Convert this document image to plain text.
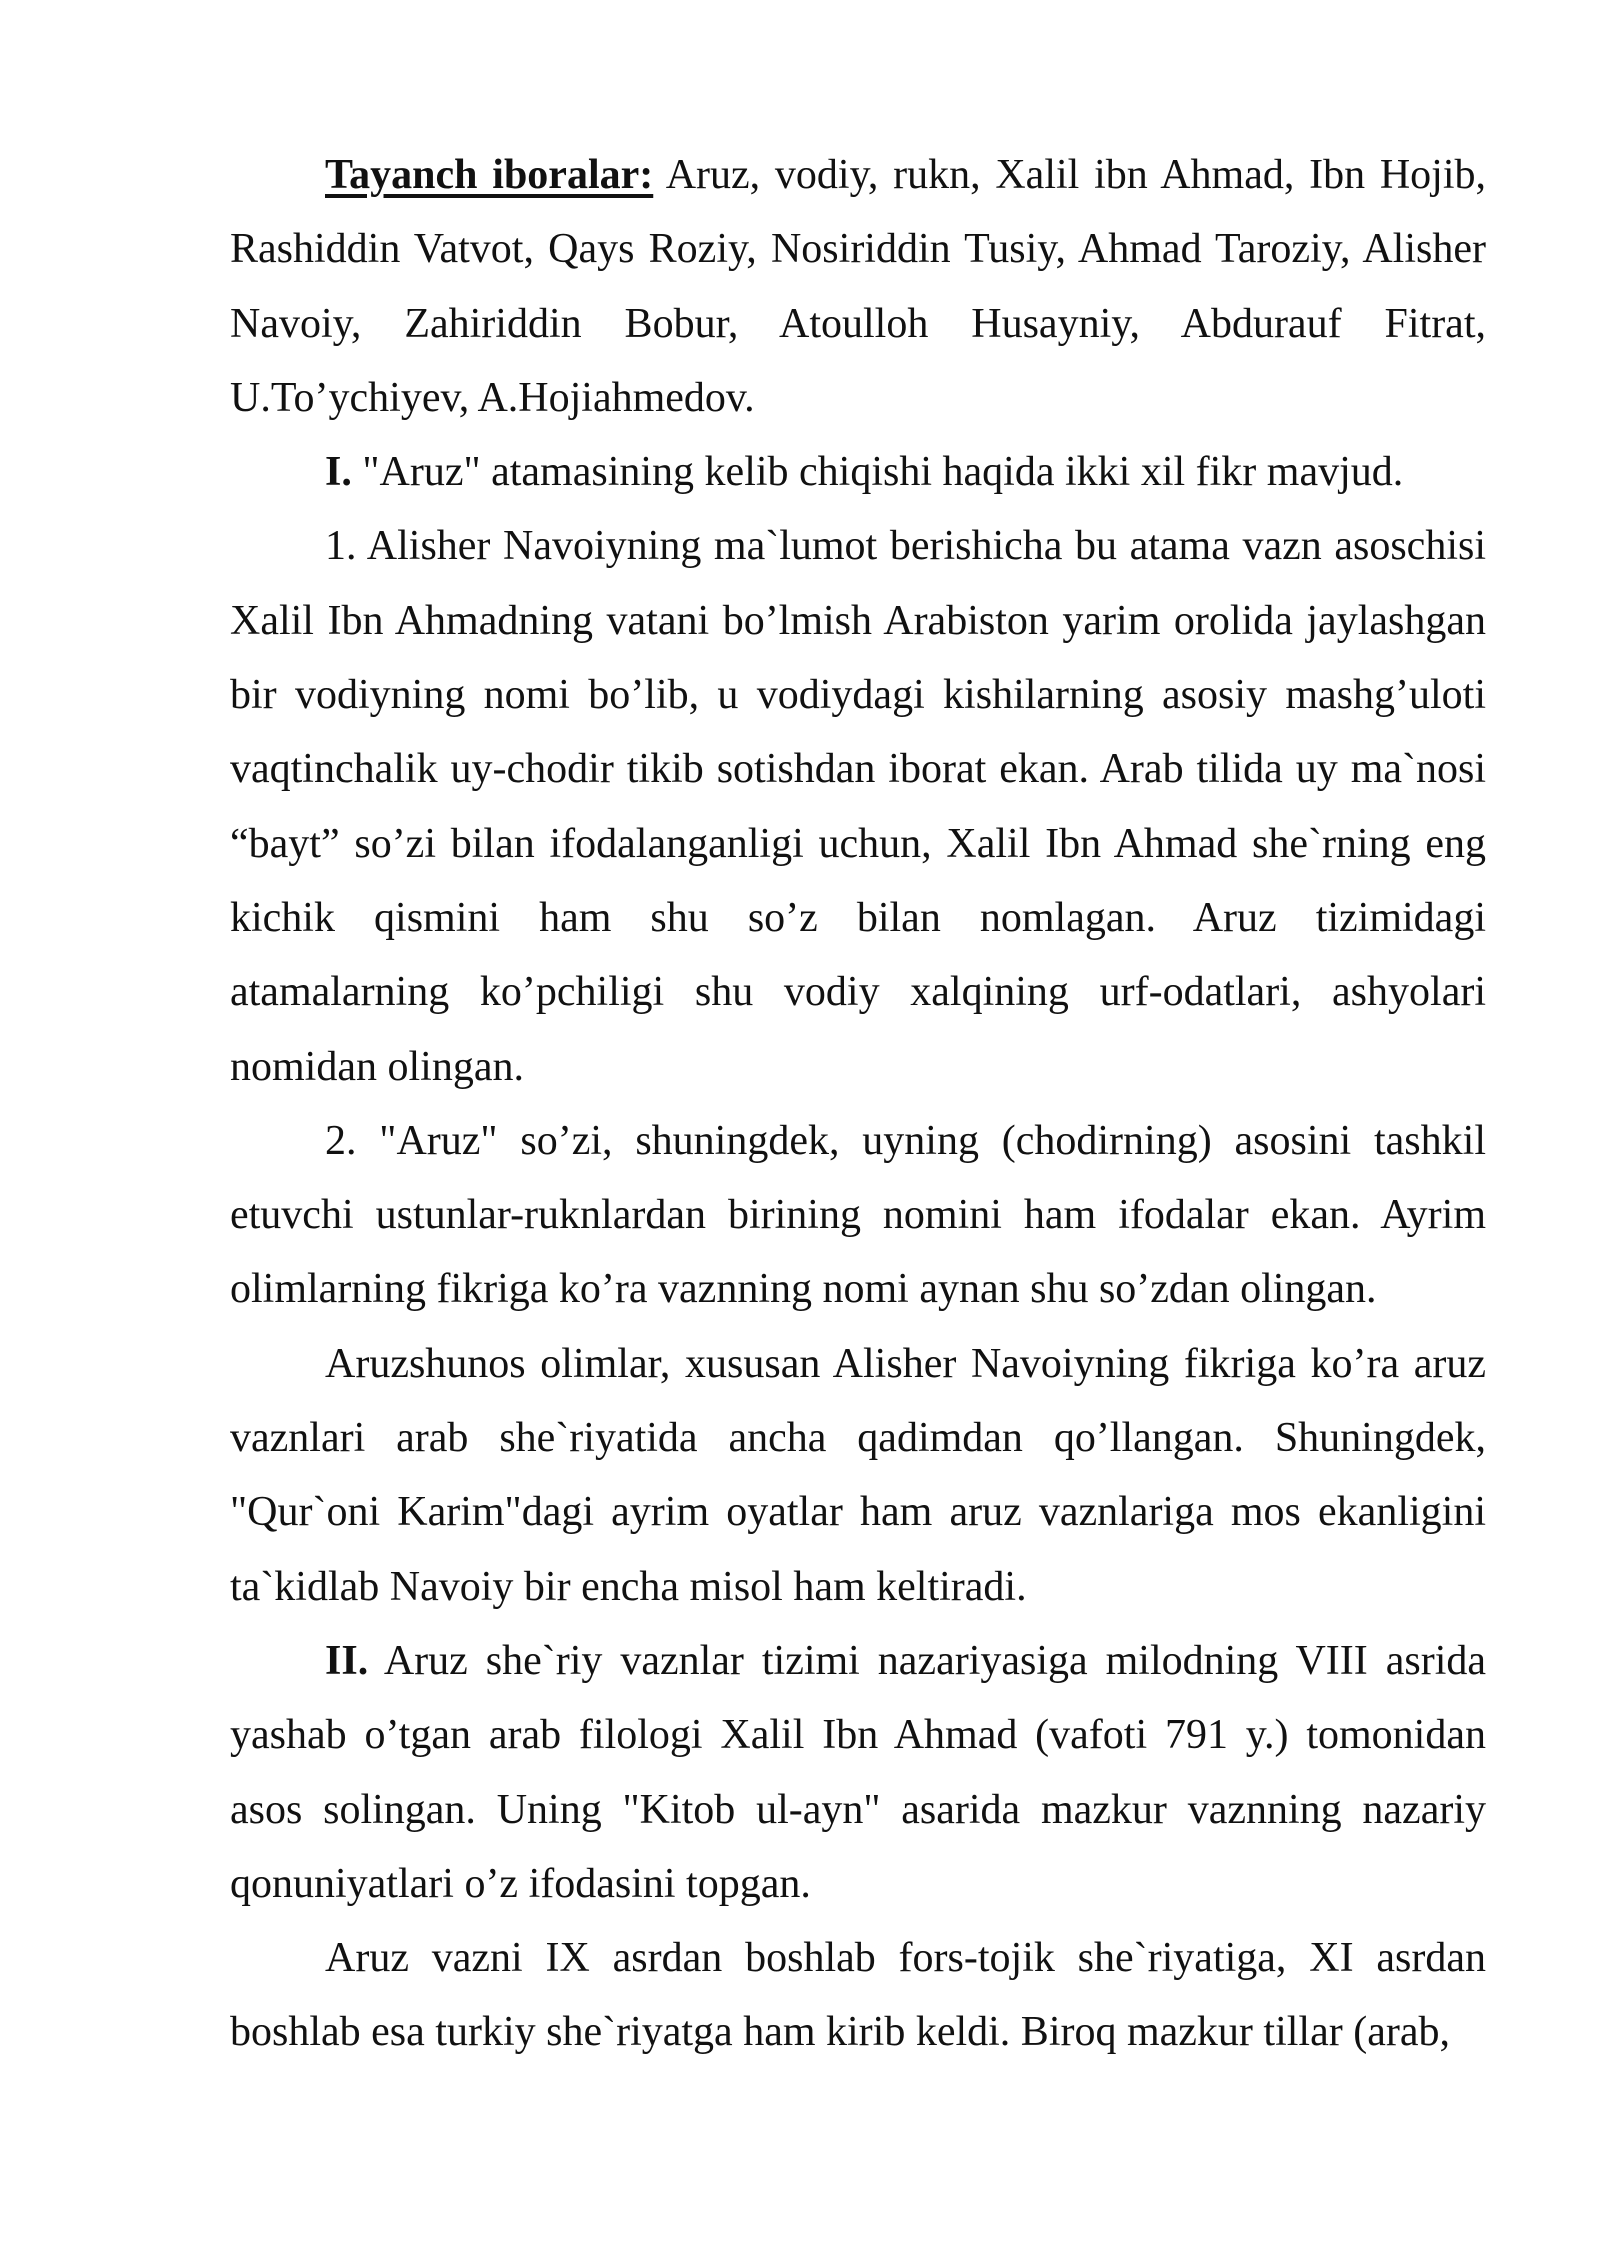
Tayanch iboralar: Aruz, vodiy, rukn, Xalil ibn Ahmad, Ibn Hojib, Rashiddin Vatvot, Qays Roziy, Nosiriddin Tusiy, Ahmad Taroziy, Alisher Navoiy, Zahiriddin Bobur, Atoulloh Husayniy, Abdurauf Fitrat, U.To’ychiyev, A.Hojiahmedov.

I. "Aruz" atamasining kelib chiqishi haqida ikki xil fikr mavjud.

1. Alisher Navoiyning ma`lumot berishicha bu atama vazn asoschisi Xalil Ibn Ahmadning vatani bo’lmish Arabiston yarim orolida jaylashgan bir vodiyning nomi bo’lib, u vodiydagi kishilarning asosiy mashg’uloti vaqtinchalik uy-chodir tikib sotishdan iborat ekan. Arab tilida uy ma`nosi “bayt” so’zi bilan ifodalanganligi uchun, Xalil Ibn Ahmad she`rning eng kichik qismini ham shu so’z bilan nomlagan. Aruz tizimidagi atamalarning ko’pchiligi shu vodiy xalqining urf-odatlari, ashyolari nomidan olingan.

2. "Aruz" so’zi, shuningdek, uyning (chodirning) asosini tashkil etuvchi ustunlar-ruknlardan birining nomini ham ifodalar ekan. Ayrim olimlarning fikriga ko’ra vaznning nomi aynan shu so’zdan olingan.

Aruzshunos olimlar, xususan Alisher Navoiyning fikriga ko’ra aruz vaznlari arab she`riyatida ancha qadimdan qo’llangan. Shuningdek, "Qur`oni Karim"dagi ayrim oyatlar ham aruz vaznlariga mos ekanligini ta`kidlab Navoiy bir encha misol ham keltiradi.

II. Aruz she`riy vaznlar tizimi nazariyasiga milodning VIII asrida yashab o’tgan arab filologi Xalil Ibn Ahmad (vafoti 791 y.) tomonidan asos solingan. Uning "Kitob ul-ayn" asarida mazkur vaznning nazariy qonuniyatlari o’z ifodasini topgan.

Aruz vazni IX asrdan boshlab fors-tojik she`riyatiga, XI asrdan boshlab esa turkiy she`riyatga ham kirib keldi. Biroq mazkur tillar (arab,
